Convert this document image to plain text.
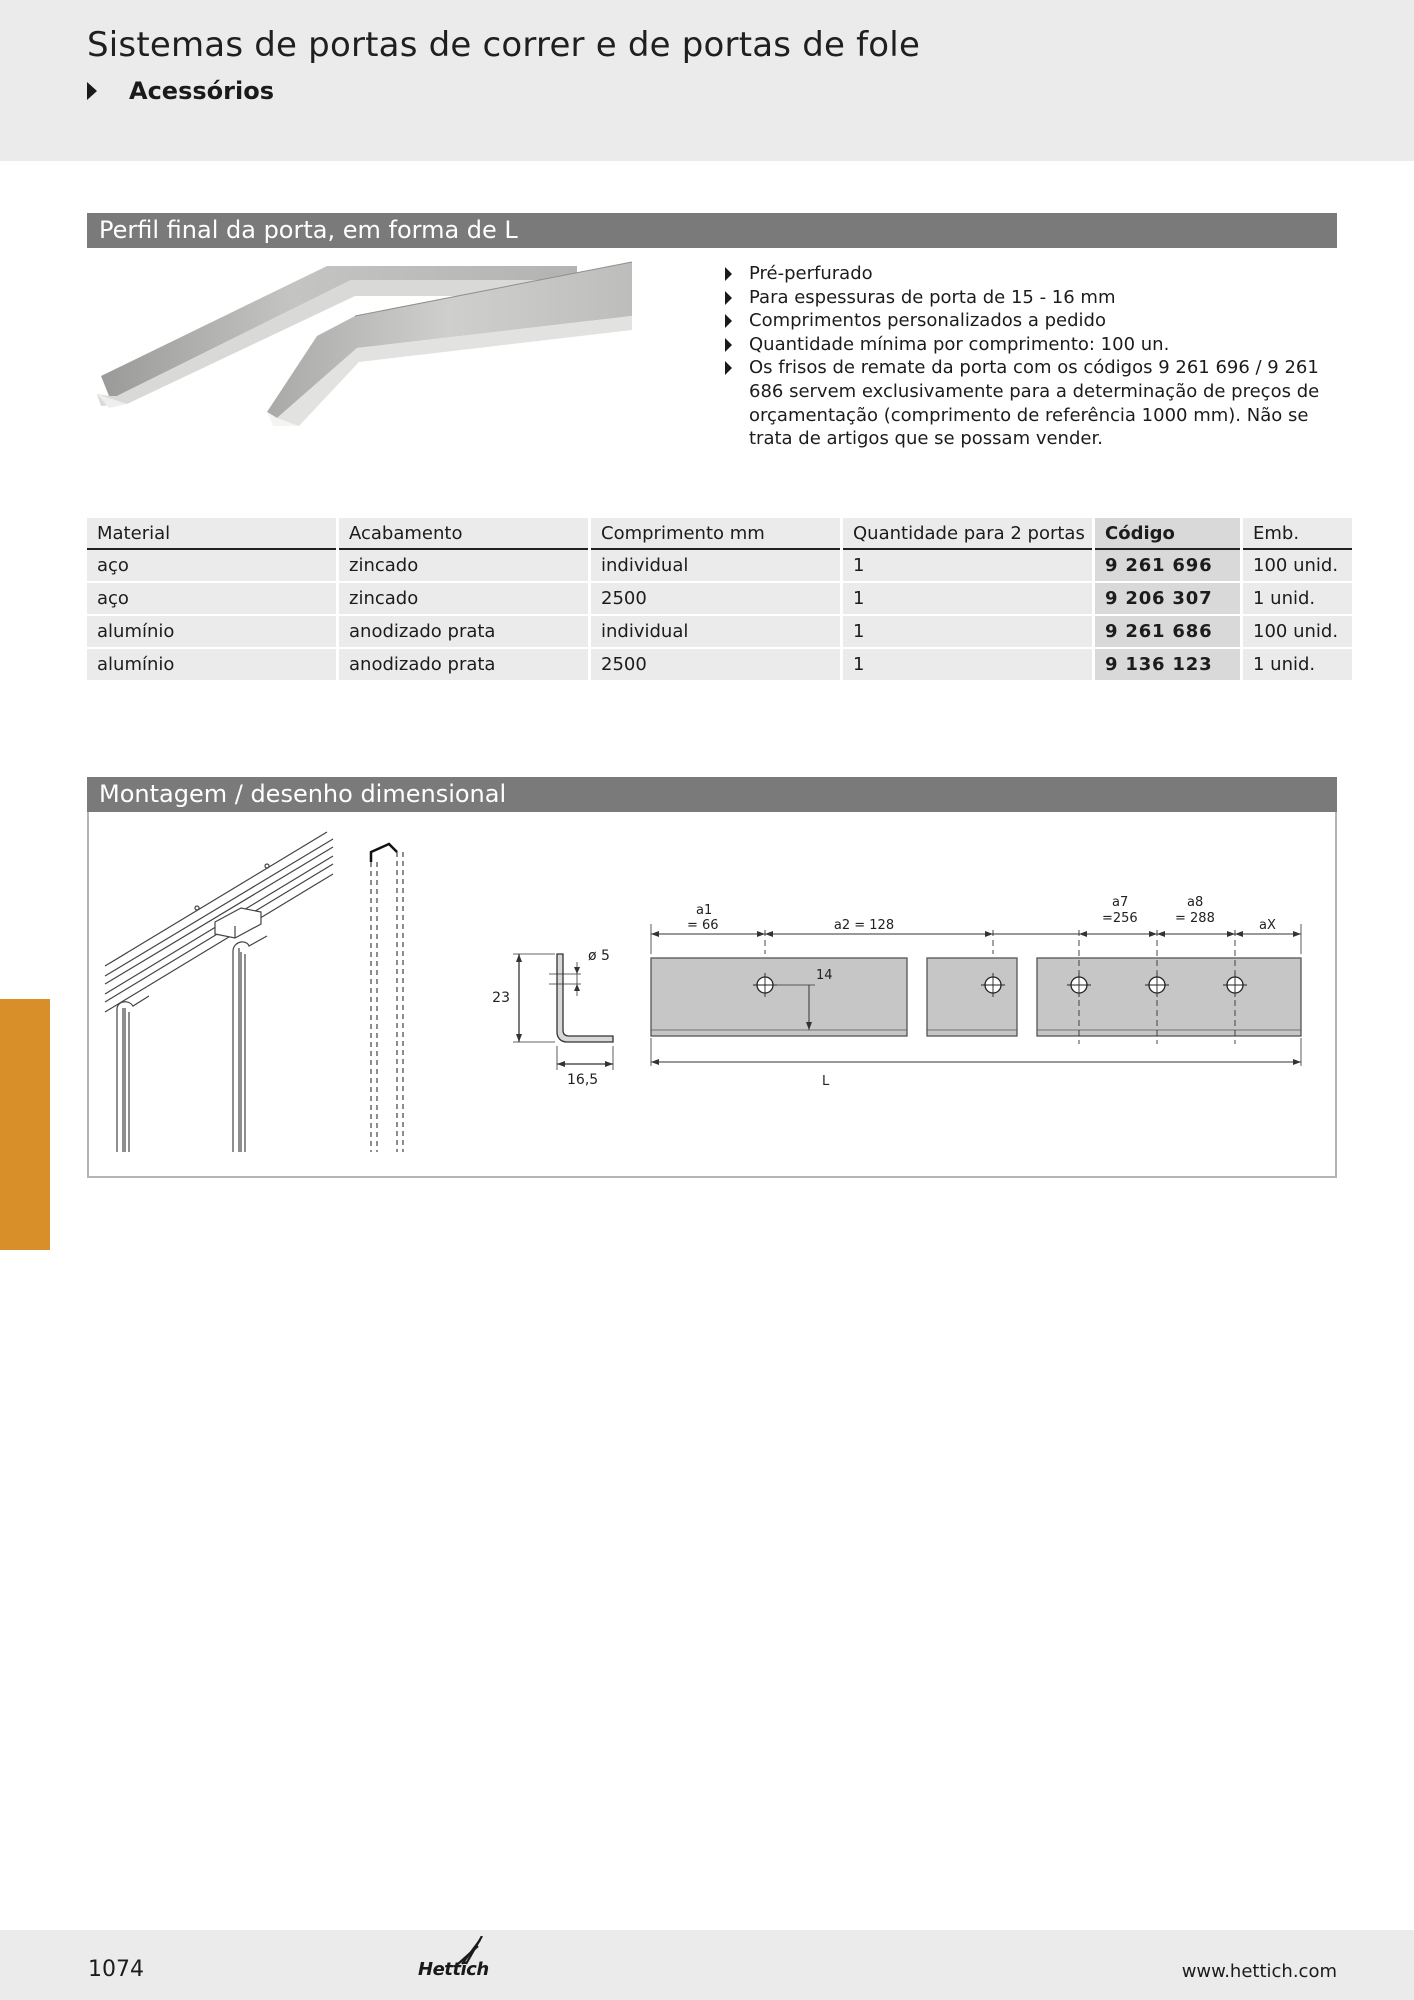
Sistemas de portas de correr e de portas de fole
Acessórios
Perfil final da porta, em forma de L
Pré-perfurado
Para espessuras de porta de 15 - 16 mm
Comprimentos personalizados a pedido
Quantidade mínima por comprimento: 100 un.
Os frisos de remate da porta com os códigos 9 261 696 / 9 261 686 servem exclusivamente para a determinação de preços de orçamentação (comprimento de referência 1000 mm). Não se trata de artigos que se possam vender.
Material	Acabamento	Comprimento mm	Quantidade para 2 portas	Código	Emb.
aço	zincado	individual	1	9 261 696	100 unid.
aço	zincado	2500	1	9 206 307	1 unid.
alumínio	anodizado prata	individual	1	9 261 686	100 unid.
alumínio	anodizado prata	2500	1	9 136 123	1 unid.
Montagem / desenho dimensional
23
ø 5
16,5
a1
= 66	a2 = 128
a7
=256
a8
= 288	aX
L
14
1074	Hettich	www.hettich.com
